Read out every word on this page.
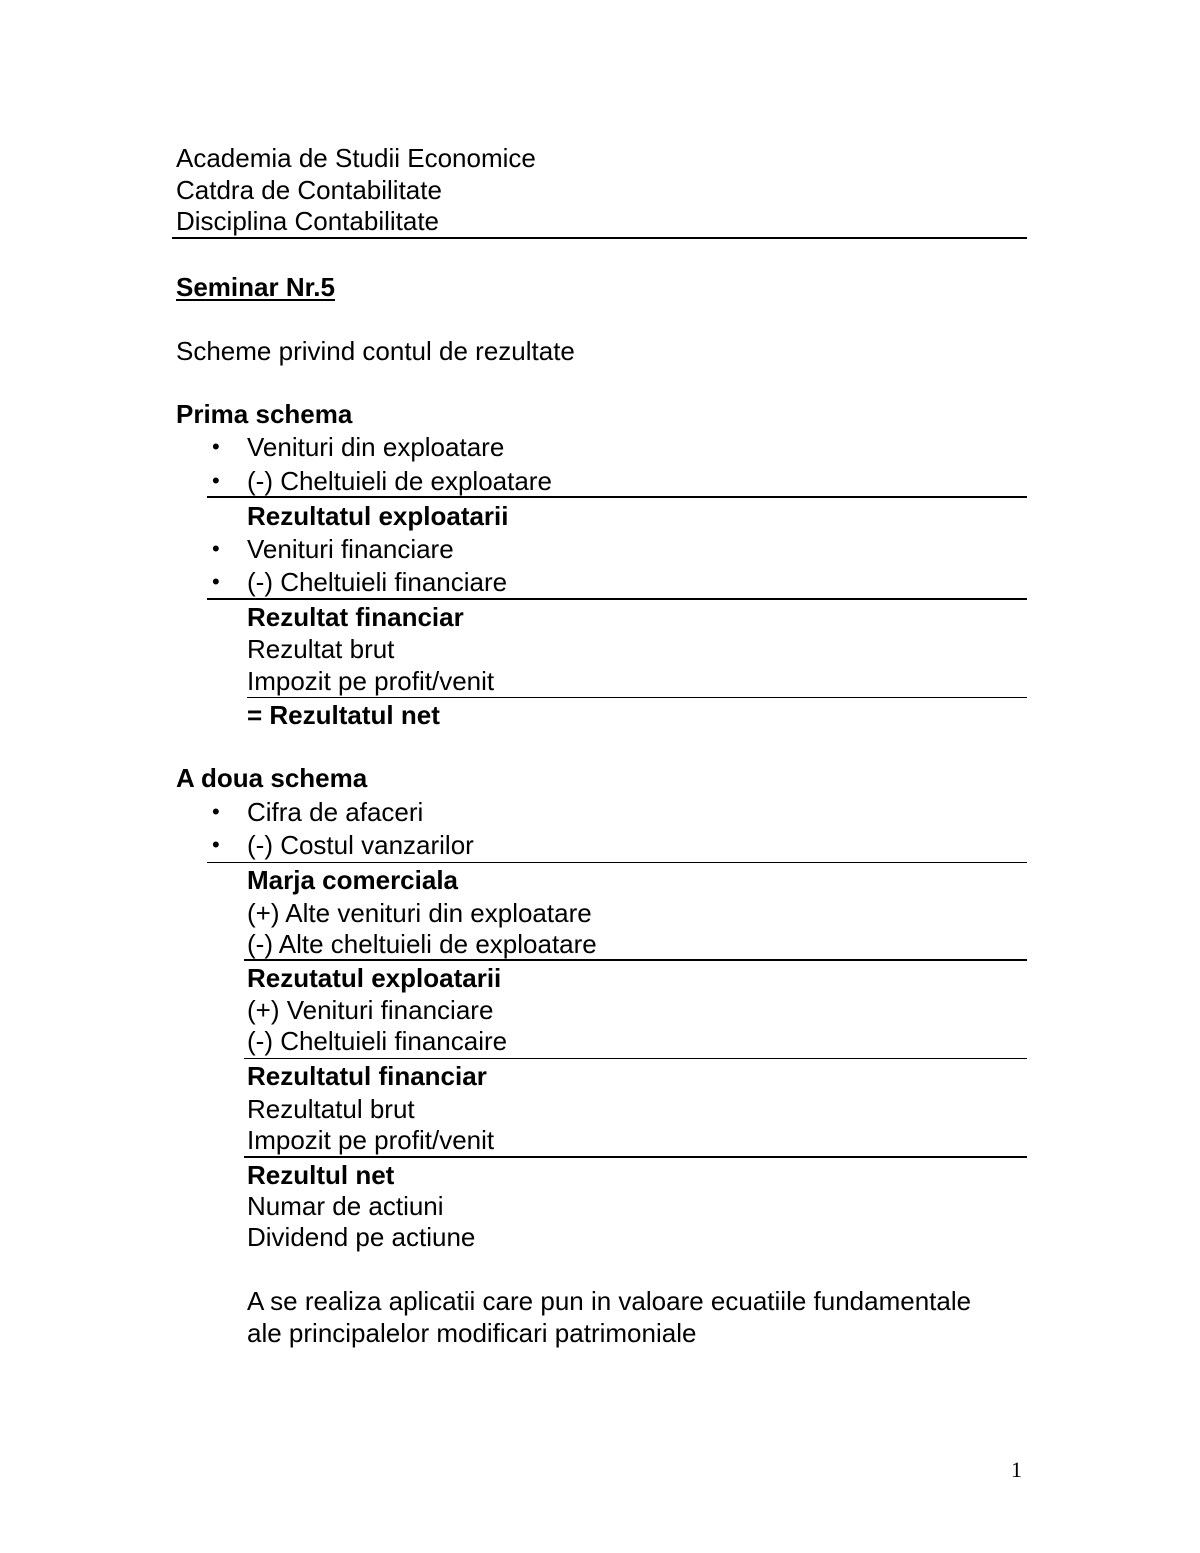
Academia de Studii Economice
Catdra de Contabilitate
Disciplina Contabilitate
Seminar Nr.5
Scheme privind contul de rezultate
Prima schema
• Venituri din exploatare
• (-) Cheltuieli de exploatare
Rezultatul exploatarii
• Venituri financiare
• (-) Cheltuieli financiare
Rezultat financiar
Rezultat brut
Impozit pe profit/venit
= Rezultatul net
A doua schema
• Cifra de afaceri
• (-) Costul vanzarilor
Marja comerciala
(+) Alte venituri din exploatare
(-) Alte cheltuieli de exploatare
Rezutatul exploatarii
(+) Venituri financiare
(-) Cheltuieli financaire
Rezultatul financiar
Rezultatul brut
Impozit pe profit/venit
Rezultul net
Numar de actiuni
Dividend pe actiune
A se realiza aplicatii care pun in valoare ecuatiile fundamentale
ale principalelor modificari patrimoniale
1
